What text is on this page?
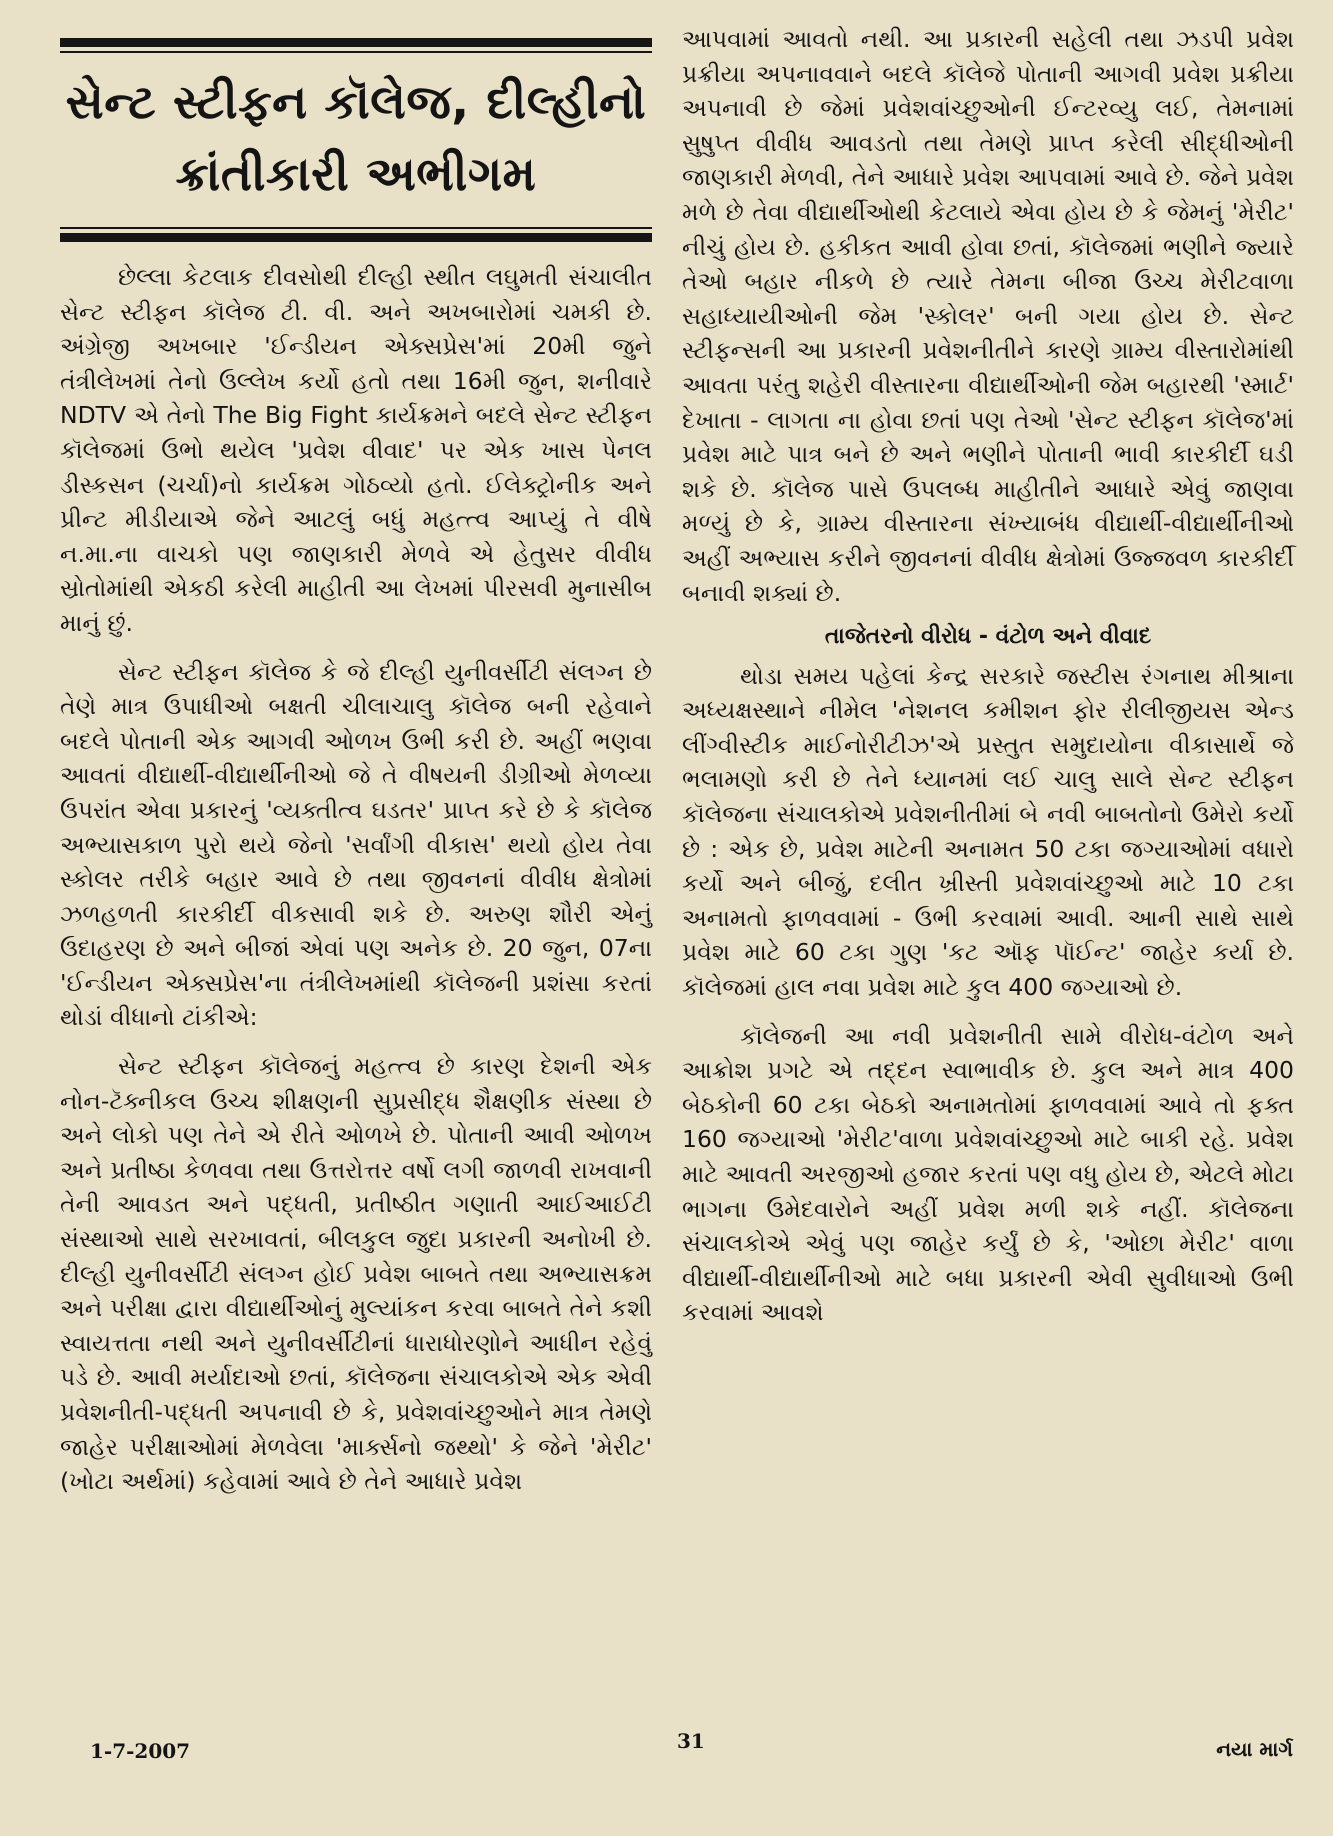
સેન્ટ સ્ટીફન કૉલેજ, દીલ્હીનો
ક્રાંતીકારી અભીગમ

છેલ્લા કેટલાક દીવસોથી દીલ્હી સ્થીત લઘુમતી સંચાલીત સેન્ટ સ્ટીફન કૉલેજ ટી. વી. અને અખબારોમાં ચમકી છે. અંગ્રેજી અખબાર 'ઈન્ડીયન એક્સપ્રેસ'માં 20મી જુને તંત્રીલેખમાં તેનો ઉલ્લેખ કર્યો હતો તથા 16મી જુન, શનીવારે NDTV એ તેનો The Big Fight કાર્યક્રમને બદલે સેન્ટ સ્ટીફન કૉલેજમાં ઉભો થયેલ 'પ્રવેશ વીવાદ' પર એક ખાસ પેનલ ડીસ્કસન (ચર્ચા)નો કાર્યક્રમ ગોઠવ્યો હતો. ઈલેક્ટ્રોનીક અને પ્રીન્ટ મીડીયાએ જેને આટલું બધું મહત્ત્વ આપ્યું તે વીષે ન.મા.ના વાચકો પણ જાણકારી મેળવે એ હેતુસર વીવીધ સ્રોતોમાંથી એકઠી કરેલી માહીતી આ લેખમાં પીરસવી મુનાસીબ માનું છું.

સેન્ટ સ્ટીફન કૉલેજ કે જે દીલ્હી યુનીવર્સીટી સંલગ્ન છે તેણે માત્ર ઉપાધીઓ બક્ષતી ચીલાચાલુ કૉલેજ બની રહેવાને બદલે પોતાની એક આગવી ઓળખ ઉભી કરી છે. અહીં ભણવા આવતાં વીદ્યાર્થી-વીદ્યાર્થીનીઓ જે તે વીષયની ડીગ્રીઓ મેળવ્યા ઉપરાંત એવા પ્રકારનું 'વ્યક્તીત્વ ઘડતર' પ્રાપ્ત કરે છે કે કૉલેજ અભ્યાસકાળ પુરો થયે જેનો 'સર્વાંગી વીકાસ' થયો હોય તેવા સ્કોલર તરીકે બહાર આવે છે તથા જીવનનાં વીવીધ ક્ષેત્રોમાં ઝળહળતી કારકીર્દી વીકસાવી શકે છે. અરુણ શૌરી એનું ઉદાહરણ છે અને બીજાં એવાં પણ અનેક છે. 20 જુન, 07ના 'ઈન્ડીયન એક્સપ્રેસ'ના તંત્રીલેખમાંથી કૉલેજની પ્રશંસા કરતાં થોડાં વીધાનો ટાંકીએ:

સેન્ટ સ્ટીફન કૉલેજનું મહત્ત્વ છે કારણ દેશની એક નોન-ટૅક્નીકલ ઉચ્ચ શીક્ષણની સુપ્રસીદ્ધ શૈક્ષણીક સંસ્થા છે અને લોકો પણ તેને એ રીતે ઓળખે છે. પોતાની આવી ઓળખ અને પ્રતીષ્ઠા કેળવવા તથા ઉત્તરોત્તર વર્ષો લગી જાળવી રાખવાની તેની આવડત અને પદ્ધતી, પ્રતીષ્ઠીત ગણાતી આઈઆઈટી સંસ્થાઓ સાથે સરખાવતાં, બીલકુલ જુદા પ્રકારની અનોખી છે. દીલ્હી યુનીવર્સીટી સંલગ્ન હોઈ પ્રવેશ બાબતે તથા અભ્યાસક્રમ અને પરીક્ષા દ્વારા વીદ્યાર્થીઓનું મુલ્યાંકન કરવા બાબતે તેને કશી સ્વાયત્તતા નથી અને યુનીવર્સીટીનાં ધારાધોરણોને આધીન રહેવું પડે છે. આવી મર્યાદાઓ છતાં, કૉલેજના સંચાલકોએ એક એવી પ્રવેશનીતી-પદ્ધતી અપનાવી છે કે, પ્રવેશવાંચ્છુઓને માત્ર તેમણે જાહેર પરીક્ષાઓમાં મેળવેલા 'માર્ક્સનો જથ્થો' કે જેને 'મેરીટ' (ખોટા અર્થમાં) કહેવામાં આવે છે તેને આધારે પ્રવેશ

આપવામાં આવતો નથી. આ પ્રકારની સહેલી તથા ઝડપી પ્રવેશ પ્રક્રીયા અપનાવવાને બદલે કૉલેજે પોતાની આગવી પ્રવેશ પ્રક્રીયા અપનાવી છે જેમાં પ્રવેશવાંચ્છુઓની ઈન્ટરવ્યુ લઈ, તેમનામાં સુષુપ્ત વીવીધ આવડતો તથા તેમણે પ્રાપ્ત કરેલી સીદ્ધીઓની જાણકારી મેળવી, તેને આધારે પ્રવેશ આપવામાં આવે છે. જેને પ્રવેશ મળે છે તેવા વીદ્યાર્થીઓથી કેટલાયે એવા હોય છે કે જેમનું 'મેરીટ' નીચું હોય છે. હકીકત આવી હોવા છતાં, કૉલેજમાં ભણીને જ્યારે તેઓ બહાર નીકળે છે ત્યારે તેમના બીજા ઉચ્ચ મેરીટવાળા સહાધ્યાયીઓની જેમ 'સ્કોલર' બની ગયા હોય છે. સેન્ટ સ્ટીફન્સની આ પ્રકારની પ્રવેશનીતીને કારણે ગ્રામ્ય વીસ્તારોમાંથી આવતા પરંતુ શહેરી વીસ્તારના વીદ્યાર્થીઓની જેમ બહારથી 'સ્માર્ટ' દેખાતા - લાગતા ના હોવા છતાં પણ તેઓ 'સેન્ટ સ્ટીફન કૉલેજ'માં પ્રવેશ માટે પાત્ર બને છે અને ભણીને પોતાની ભાવી કારકીર્દી ઘડી શકે છે. કૉલેજ પાસે ઉપલબ્ધ માહીતીને આધારે એવું જાણવા મળ્યું છે કે, ગ્રામ્ય વીસ્તારના સંખ્યાબંધ વીદ્યાર્થી-વીદ્યાર્થીનીઓ અહીં અભ્યાસ કરીને જીવનનાં વીવીધ ક્ષેત્રોમાં ઉજ્જવળ કારકીર્દી બનાવી શક્યાં છે.

તાજેતરનો વીરોધ - વંટોળ અને વીવાદ

થોડા સમય પહેલાં કેન્દ્ર સરકારે જસ્ટીસ રંગનાથ મીશ્રાના અધ્યક્ષસ્થાને નીમેલ 'નેશનલ કમીશન ફોર રીલીજીયસ એન્ડ લીંગ્વીસ્ટીક માઈનોરીટીઝ'એ પ્રસ્તુત સમુદાયોના વીકાસાર્થે જે ભલામણો કરી છે તેને ધ્યાનમાં લઈ ચાલુ સાલે સેન્ટ સ્ટીફન કૉલેજના સંચાલકોએ પ્રવેશનીતીમાં બે નવી બાબતોનો ઉમેરો કર્યો છે : એક છે, પ્રવેશ માટેની અનામત 50 ટકા જગ્યાઓમાં વધારો કર્યો અને બીજું, દલીત ખ્રીસ્તી પ્રવેશવાંચ્છુઓ માટે 10 ટકા અનામતો ફાળવવામાં - ઉભી કરવામાં આવી. આની સાથે સાથે પ્રવેશ માટે 60 ટકા ગુણ 'કટ ઑફ પૉઈન્ટ' જાહેર કર્યા છે. કૉલેજમાં હાલ નવા પ્રવેશ માટે કુલ 400 જગ્યાઓ છે.

કૉલેજની આ નવી પ્રવેશનીતી સામે વીરોધ-વંટોળ અને આક્રોશ પ્રગટે એ તદ્દન સ્વાભાવીક છે. કુલ અને માત્ર 400 બેઠકોની 60 ટકા બેઠકો અનામતોમાં ફાળવવામાં આવે તો ફક્ત 160 જગ્યાઓ 'મેરીટ'વાળા પ્રવેશવાંચ્છુઓ માટે બાકી રહે. પ્રવેશ માટે આવતી અરજીઓ હજાર કરતાં પણ વધુ હોય છે, એટલે મોટા ભાગના ઉમેદવારોને અહીં પ્રવેશ મળી શકે નહીં. કૉલેજના સંચાલકોએ એવું પણ જાહેર કર્યું છે કે, 'ઓછા મેરીટ' વાળા વીદ્યાર્થી-વીદ્યાર્થીનીઓ માટે બધા પ્રકારની એવી સુવીધાઓ ઉભી કરવામાં આવશે

1-7-2007	31	નયા માર્ગ
